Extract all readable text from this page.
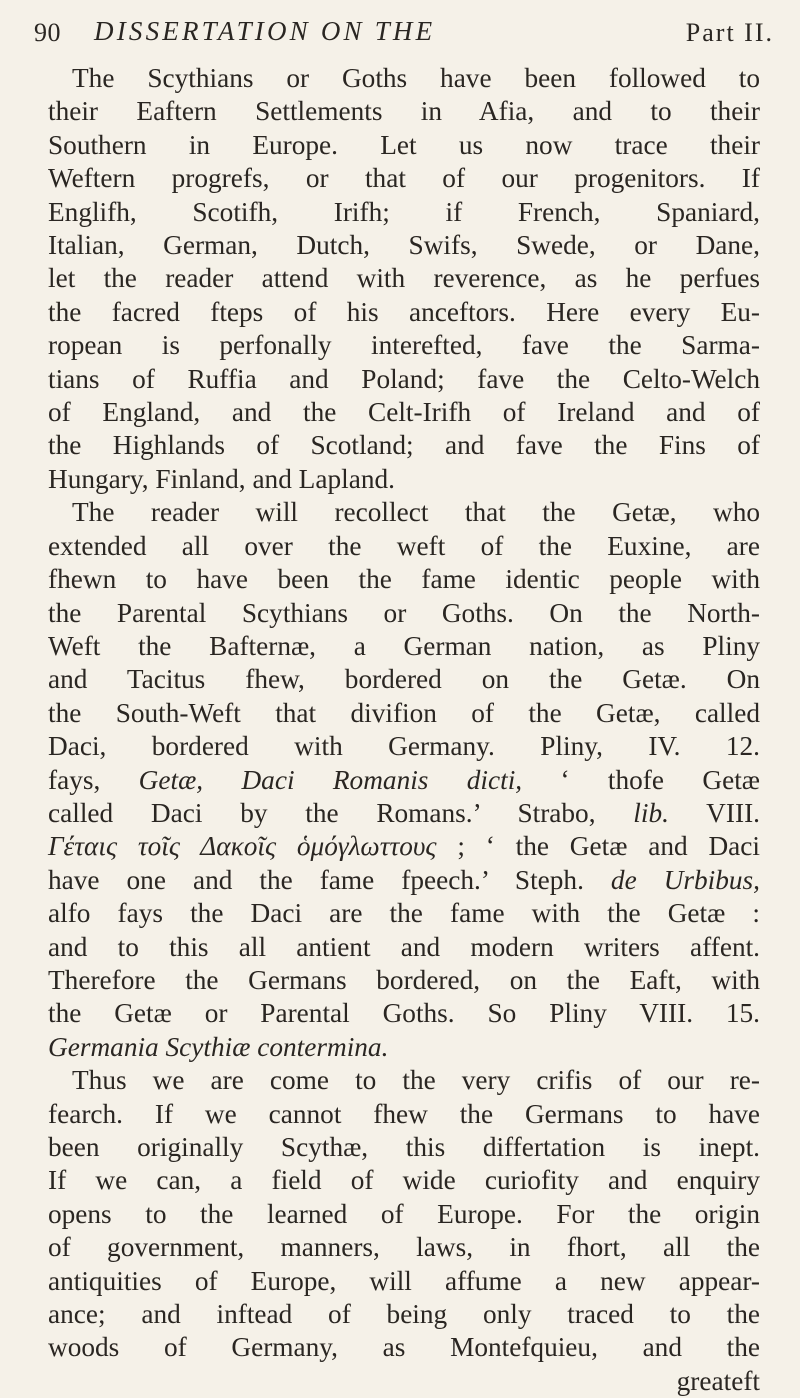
90 DISSERTATION ON THE	Part II.
The Scythians or Goths have been followed to
their Eaftern Settlements in Afia, and to their
Southern in Europe. Let us now trace their
Weftern progrefs, or that of our progenitors. If
Englifh, Scotifh, Irifh; if French, Spaniard,
Italian, German, Dutch, Swifs, Swede, or Dane,
let the reader attend with reverence, as he perfues
the facred fteps of his anceftors. Here every Eu-
ropean is perfonally interefted, fave the Sarma-
tians of Ruffia and Poland; fave the Celto-Welch
of England, and the Celt-Irifh of Ireland and of
the Highlands of Scotland; and fave the Fins of
Hungary, Finland, and Lapland.
The reader will recollect that the Getæ, who
extended all over the weft of the Euxine, are
fhewn to have been the fame identic people with
the Parental Scythians or Goths. On the North-
Weft the Bafternæ, a German nation, as Pliny
and Tacitus fhew, bordered on the Getæ. On
the South-Weft that divifion of the Getæ, called
Daci, bordered with Germany. Pliny, IV. 12.
fays, Getæ, Daci Romanis dicti, ‘ thofe Getæ
called Daci by the Romans.’ Strabo, lib. VIII.
Γέταις τοῖς Δακοῖς ὁμόγλωττους ; ‘ the Getæ and Daci
have one and the fame fpeech.’ Steph. de Urbibus,
alfo fays the Daci are the fame with the Getæ :
and to this all antient and modern writers affent.
Therefore the Germans bordered, on the Eaft, with
the Getæ or Parental Goths. So Pliny VIII. 15.
Germania Scythiæ contermina.
Thus we are come to the very crifis of our re-
fearch. If we cannot fhew the Germans to have
been originally Scythæ, this differtation is inept.
If we can, a field of wide curiofity and enquiry
opens to the learned of Europe. For the origin
of government, manners, laws, in fhort, all the
antiquities of Europe, will affume a new appear-
ance; and inftead of being only traced to the
woods of Germany, as Montefquieu, and the
greateft
